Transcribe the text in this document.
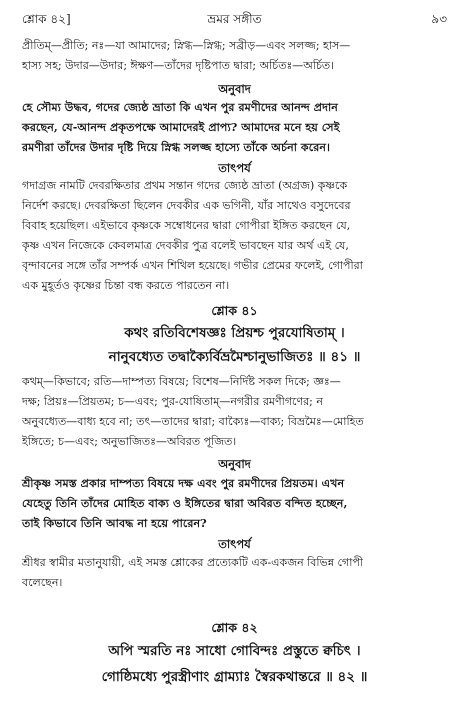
শ্লোক ৪২]	ভ্রমর সঙ্গীত	৯৩
প্রীতিম্—প্রীতি; নঃ—যা আমাদের; স্নিগ্ধ—স্নিগ্ধ; সব্রীড়—এবং সলজ্জ; হাস—
হাস্য সহ; উদার—উদার; ঈক্ষণ—তাঁদের দৃষ্টিপাত দ্বারা; অর্চিতঃ—অর্চিত।
অনুবাদ
হে সৌম্য উদ্ধব, গদের জ্যেষ্ঠ ভ্রাতা কি এখন পুর রমণীদের আনন্দ প্রদান
করছেন, যে-আনন্দ প্রকৃতপক্ষে আমাদেরই প্রাপ্য? আমাদের মনে হয় সেই
রমণীরা তাঁদের উদার দৃষ্টি দিয়ে স্নিগ্ধ সলজ্জ হাস্যে তাঁকে অর্চনা করেন।
তাৎপর্য
গদাগ্রজ নামটি দেবরক্ষিতার প্রথম সন্তান গদের জ্যেষ্ঠ ভ্রাতা (অগ্রজ) কৃষ্ণকে
নির্দেশ করছে। দেবরক্ষিতা ছিলেন দেবকীর এক ভগিনী, যাঁর সাথেও বসুদেবের
বিবাহ হয়েছিল। এইভাবে কৃষ্ণকে সম্বোধনের দ্বারা গোপীরা ইঙ্গিত করছেন যে,
কৃষ্ণ এখন নিজেকে কেবলমাত্র দেবকীর পুত্র বলেই ভাবছেন যার অর্থ এই যে,
বৃন্দাবনের সঙ্গে তাঁর সম্পর্ক এখন শিথিল হয়েছে। গভীর প্রেমের ফলেই, গোপীরা
এক মুহূর্তও কৃষ্ণের চিন্তা বন্ধ করতে পারতেন না।
শ্লোক ৪১
কথং রতিবিশেষজ্ঞঃ প্রিয়শ্চ পুরযোষিতাম্ ।
নানুবধ্যেত তদ্বাক্যৈর্বিভ্রমৈশ্চানুভাজিতঃ ॥ ৪১ ॥
কথম্—কিভাবে; রতি—দাম্পত্য বিষয়ে; বিশেষ—নির্দিষ্ট সকল দিকে; জ্ঞঃ—
দক্ষ; প্রিয়ঃ—প্রিয়তম; চ—এবং; পুর-যোষিতাম্—নগরীর রমণীগণের; ন
অনুবধ্যেত—বাধ্য হবে না; তৎ—তাদের দ্বারা; বাক্যৈঃ—বাক্য; বিভ্রমৈঃ—মোহিত
ইঙ্গিতে; চ—এবং; অনুভাজিতঃ—অবিরত পূজিত।
অনুবাদ
শ্রীকৃষ্ণ সমস্ত প্রকার দাম্পত্য বিষয়ে দক্ষ এবং পুর রমণীদের প্রিয়তম। এখন
যেহেতু তিনি তাঁদের মোহিত বাক্য ও ইঙ্গিতের দ্বারা অবিরত বন্দিত হচ্ছেন,
তাই কিভাবে তিনি আবদ্ধ না হয়ে পারেন?
তাৎপর্য
শ্রীধর স্বামীর মতানুযায়ী, এই সমস্ত শ্লোকের প্রত্যেকটি এক-একজন বিভিন্ন গোপী
বলেছেন।
শ্লোক ৪২
অপি স্মরতি নঃ সাধো গোবিন্দঃ প্রস্তুতে ক্বচিৎ ।
গোষ্ঠিমধ্যে পুরস্ত্রীণাং গ্রাম্যাঃ স্বৈরকথান্তরে ॥ ৪২ ॥
